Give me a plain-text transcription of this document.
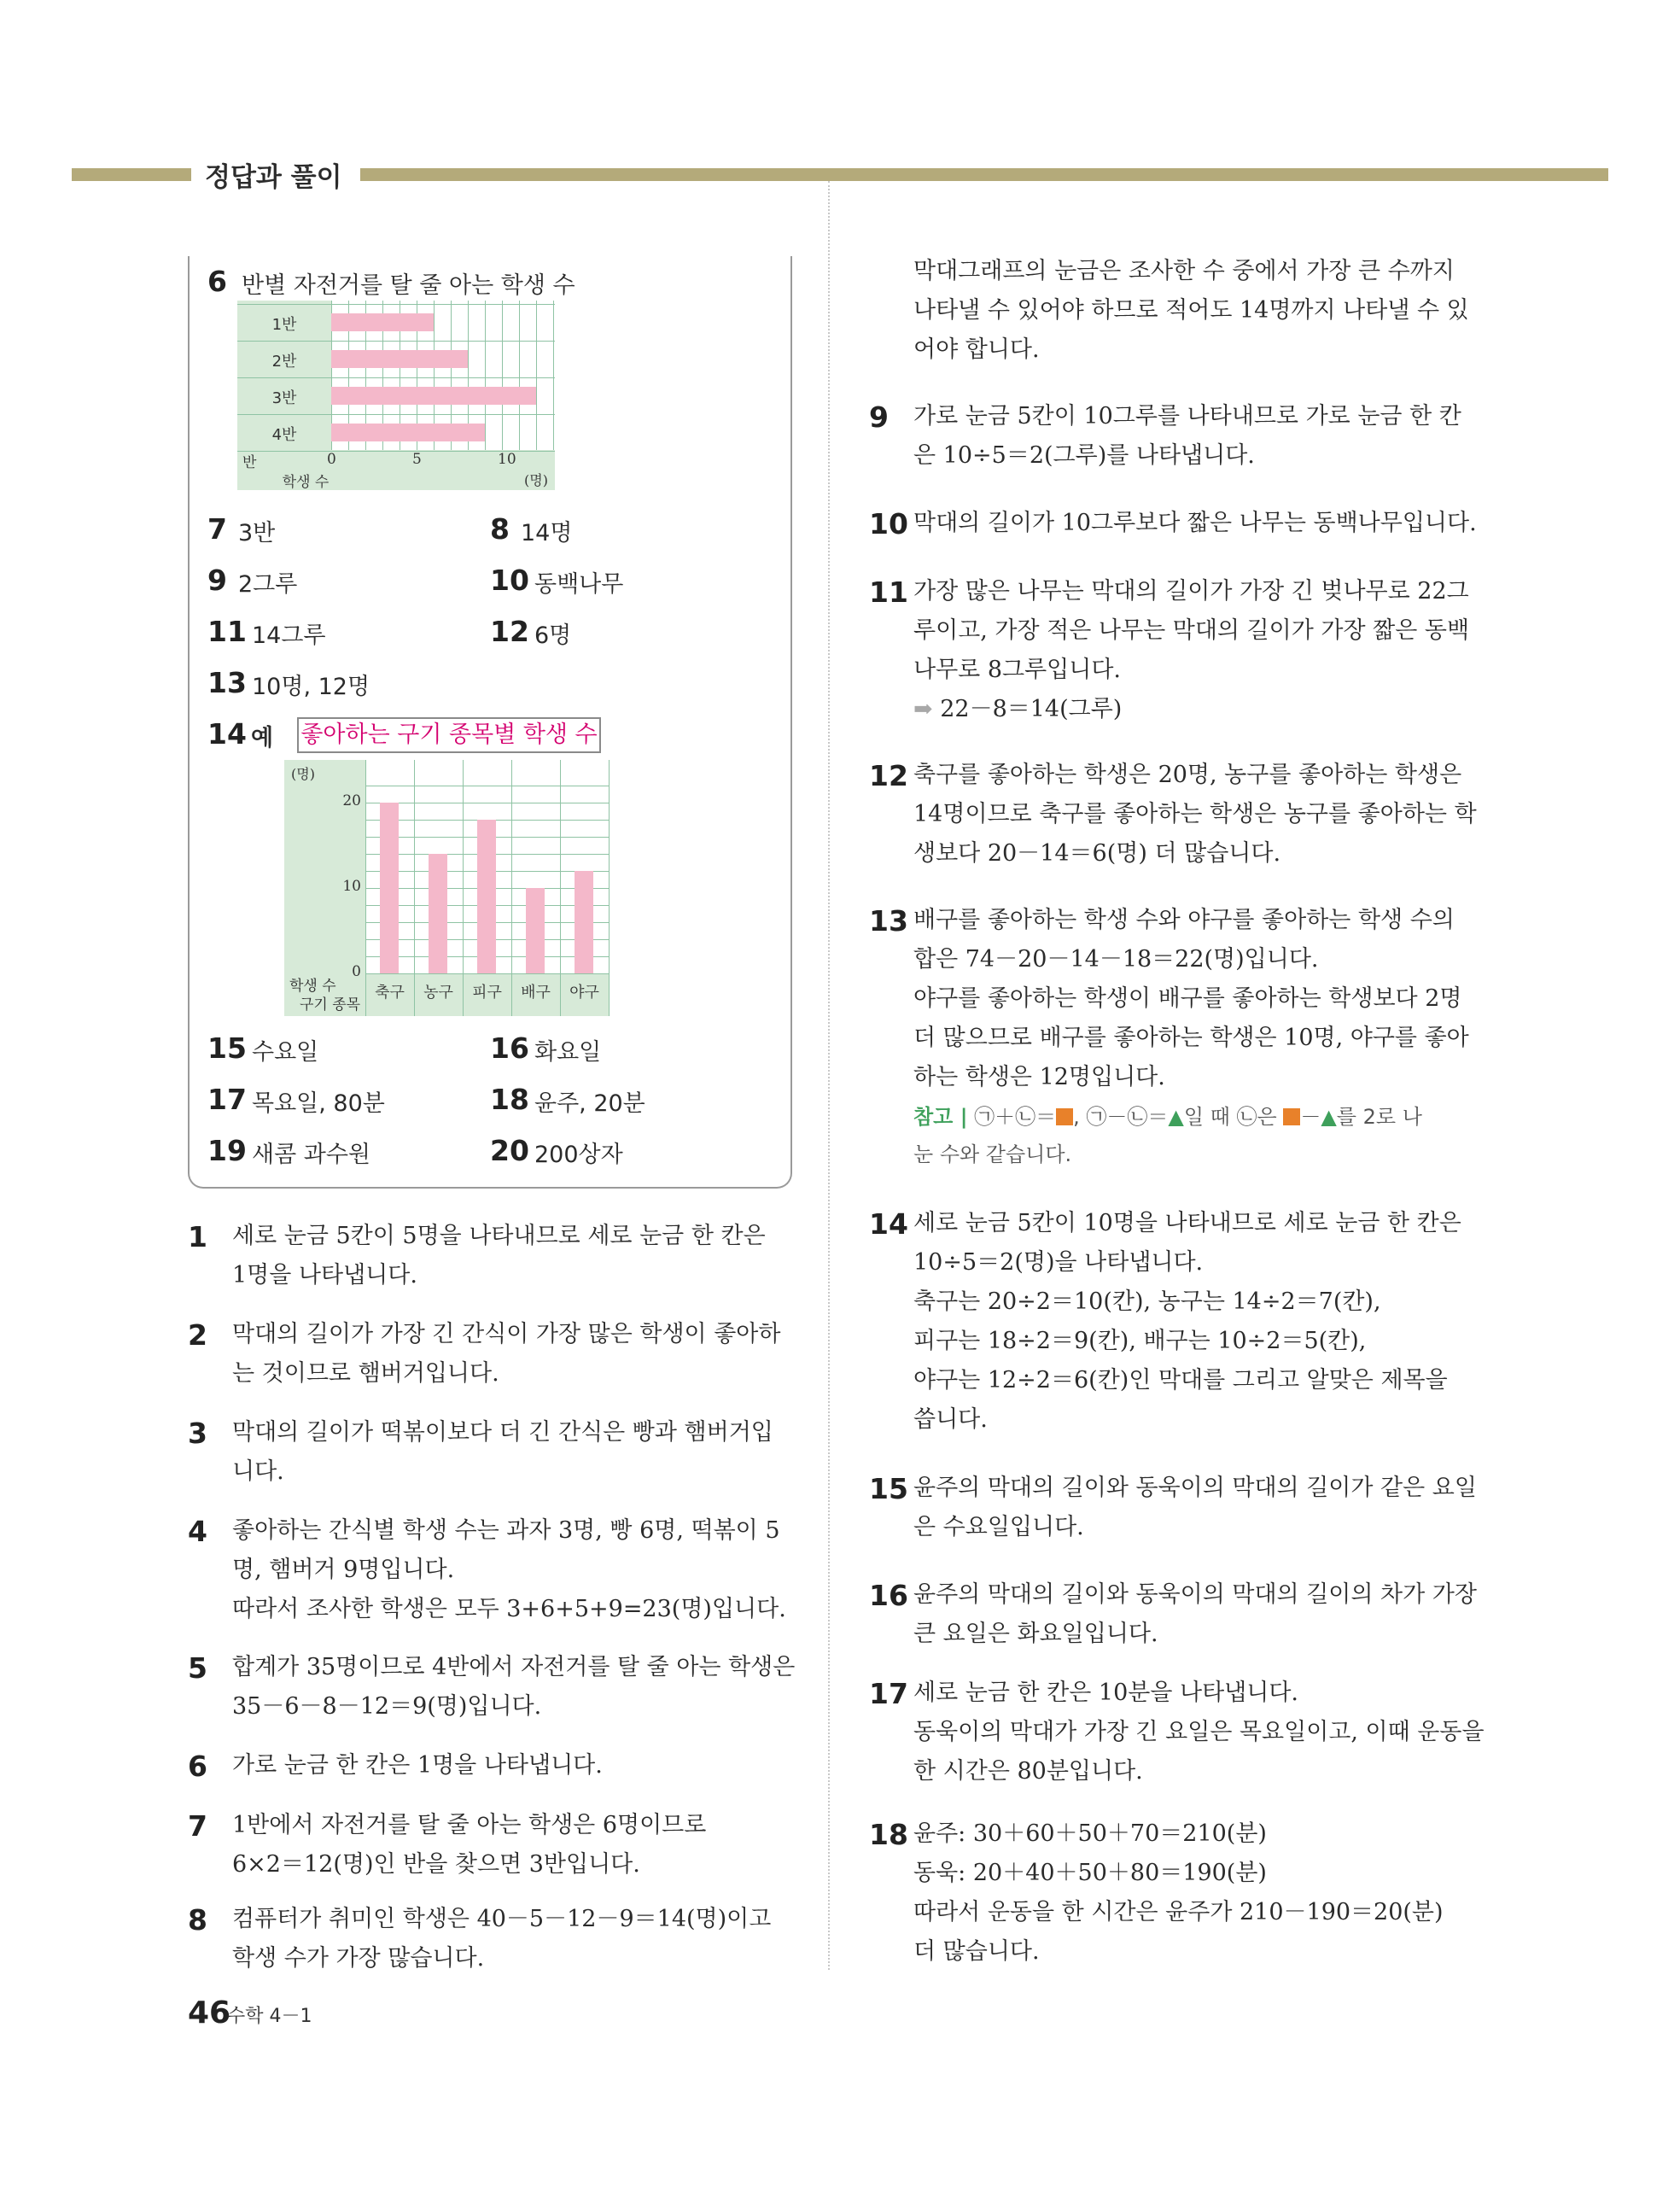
정답과 풀이
6 반별 자전거를 탈 줄 아는 학생 수
1반
2반
3반
4반
0	5	10
반
학생 수	(명)
7 3반	8 14명
9 2그루	10 동백나무
11 14그루	12 6명
13 10명, 12명
14 예 좋아하는 구기 종목별 학생 수
축구	농구	피구	배구	야구
0
10
20
(명)
학생 수
구기 종목
15 수요일	16 화요일
17 목요일, 80분	18 윤주, 20분
19 새콤 과수원	20 200상자
1 세로 눈금 5칸이 5명을 나타내므로 세로 눈금 한 칸은
1명을 나타냅니다.

2 막대의 길이가 가장 긴 간식이 가장 많은 학생이 좋아하
는 것이므로 햄버거입니다.

3 막대의 길이가 떡볶이보다 더 긴 간식은 빵과 햄버거입
니다.

4 좋아하는 간식별 학생 수는 과자 3명, 빵 6명, 떡볶이 5
명, 햄버거 9명입니다.
따라서 조사한 학생은 모두 3+6+5+9=23(명)입니다.

5 합계가 35명이므로 4반에서 자전거를 탈 줄 아는 학생은
35－6－8－12＝9(명)입니다.

6 가로 눈금 한 칸은 1명을 나타냅니다.

7 1반에서 자전거를 탈 줄 아는 학생은 6명이므로
6×2＝12(명)인 반을 찾으면 3반입니다.

8 컴퓨터가 취미인 학생은 40－5－12－9＝14(명)이고
학생 수가 가장 많습니다.

막대그래프의 눈금은 조사한 수 중에서 가장 큰 수까지
나타낼 수 있어야 하므로 적어도 14명까지 나타낼 수 있
어야 합니다.

9 가로 눈금 5칸이 10그루를 나타내므로 가로 눈금 한 칸
은 10÷5＝2(그루)를 나타냅니다.

10 막대의 길이가 10그루보다 짧은 나무는 동백나무입니다.

11 가장 많은 나무는 막대의 길이가 가장 긴 벚나무로 22그
루이고, 가장 적은 나무는 막대의 길이가 가장 짧은 동백
나무로 8그루입니다.
➡ 22－8＝14(그루)

12 축구를 좋아하는 학생은 20명, 농구를 좋아하는 학생은
14명이므로 축구를 좋아하는 학생은 농구를 좋아하는 학
생보다 20－14＝6(명) 더 많습니다.

13 배구를 좋아하는 학생 수와 야구를 좋아하는 학생 수의
합은 74－20－14－18＝22(명)입니다.
야구를 좋아하는 학생이 배구를 좋아하는 학생보다 2명
더 많으므로 배구를 좋아하는 학생은 10명, 야구를 좋아
하는 학생은 12명입니다.

14 세로 눈금 5칸이 10명을 나타내므로 세로 눈금 한 칸은
10÷5＝2(명)을 나타냅니다.
축구는 20÷2＝10(칸), 농구는 14÷2＝7(칸),
피구는 18÷2＝9(칸), 배구는 10÷2＝5(칸),
야구는 12÷2＝6(칸)인 막대를 그리고 알맞은 제목을
씁니다.

15 윤주의 막대의 길이와 동욱이의 막대의 길이가 같은 요일
은 수요일입니다.

16 윤주의 막대의 길이와 동욱이의 막대의 길이의 차가 가장
큰 요일은 화요일입니다.

17 세로 눈금 한 칸은 10분을 나타냅니다.
동욱이의 막대가 가장 긴 요일은 목요일이고, 이때 운동을
한 시간은 80분입니다.

18 윤주: 30＋60＋50＋70＝210(분)
동욱: 20＋40＋50＋80＝190(분)
따라서 운동을 한 시간은 윤주가 210－190＝20(분)
더 많습니다.

참고 | ㉠＋㉡＝ , ㉠－㉡＝▲일 때 ㉡은 －▲를 2로 나
눈 수와 같습니다.

46
수학 4－1
